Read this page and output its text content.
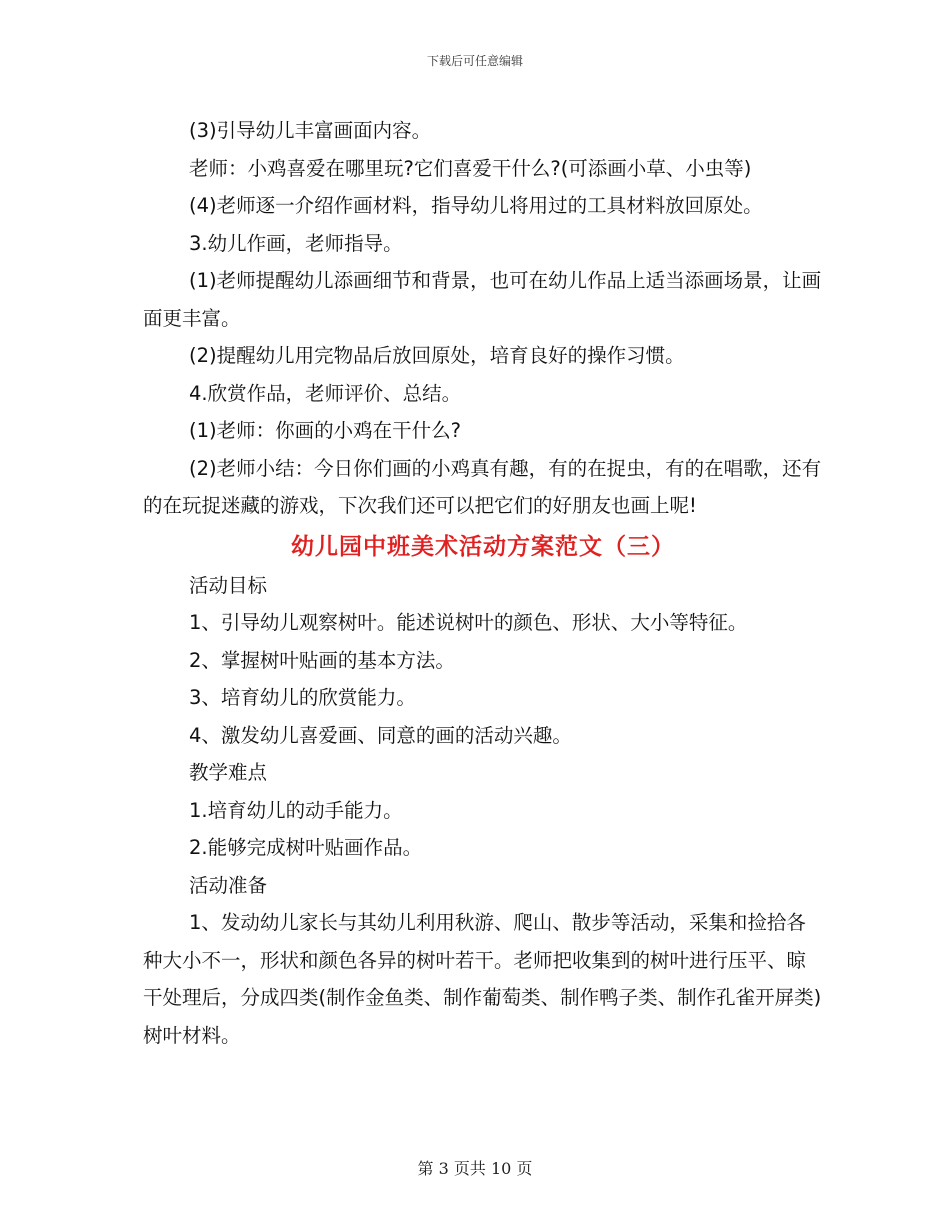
下载后可任意编辑

(3)引导幼儿丰富画面内容。

老师：小鸡喜爱在哪里玩?它们喜爱干什么?(可添画小草、小虫等)

(4)老师逐一介绍作画材料，指导幼儿将用过的工具材料放回原处。

3.幼儿作画，老师指导。

(1)老师提醒幼儿添画细节和背景，也可在幼儿作品上适当添画场景，让画面更丰富。

(2)提醒幼儿用完物品后放回原处，培育良好的操作习惯。

4.欣赏作品，老师评价、总结。

(1)老师：你画的小鸡在干什么?

(2)老师小结：今日你们画的小鸡真有趣，有的在捉虫，有的在唱歌，还有的在玩捉迷藏的游戏，下次我们还可以把它们的好朋友也画上呢!

幼儿园中班美术活动方案范文（三）

活动目标

1、引导幼儿观察树叶。能述说树叶的颜色、形状、大小等特征。

2、掌握树叶贴画的基本方法。

3、培育幼儿的欣赏能力。

4、激发幼儿喜爱画、同意的画的活动兴趣。

教学难点

1.培育幼儿的动手能力。

2.能够完成树叶贴画作品。

活动准备

1、发动幼儿家长与其幼儿利用秋游、爬山、散步等活动，采集和捡拾各种大小不一，形状和颜色各异的树叶若干。老师把收集到的树叶进行压平、晾干处理后，分成四类(制作金鱼类、制作葡萄类、制作鸭子类、制作孔雀开屏类)树叶材料。

第 3 页共 10 页
